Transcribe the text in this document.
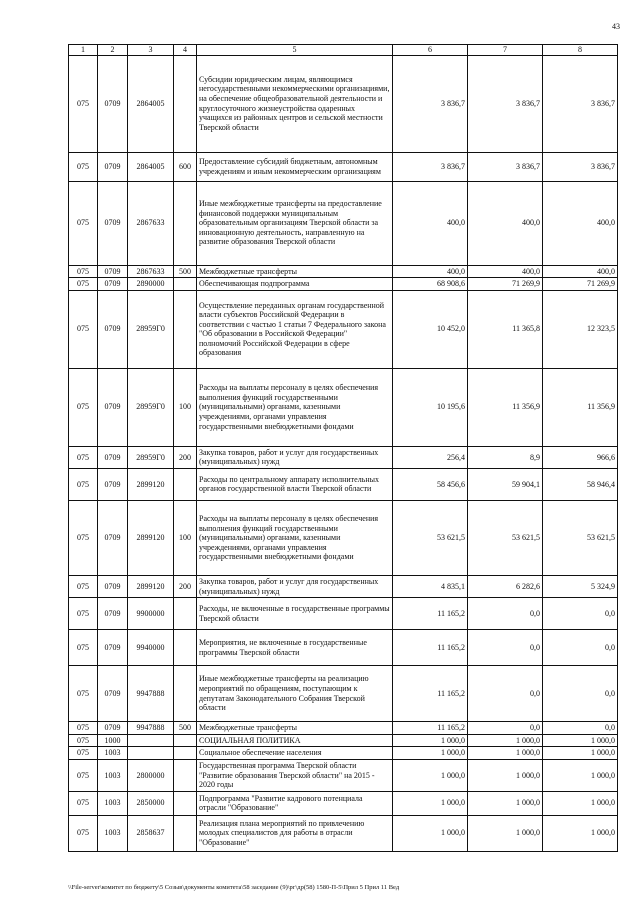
43
1	2	3	4	5	6	7	8
075	0709	2864005		Субсидии юридическим лицам, являющимся негосударственными некоммерческими организациями, на обеспечение общеобразовательной деятельности и круглосуточного жизнеустройства одаренных учащихся из районных центров и сельской местности Тверской области	3 836,7	3 836,7	3 836,7
075	0709	2864005	600	Предоставление субсидий бюджетным, автономным учреждениям и иным некоммерческим организациям	3 836,7	3 836,7	3 836,7
075	0709	2867633		Иные межбюджетные трансферты на предоставление финансовой поддержки муниципальным образовательным организациям Тверской области за инновационную деятельность, направленную на развитие образования Тверской области	400,0	400,0	400,0
075	0709	2867633	500	Межбюджетные трансферты	400,0	400,0	400,0
075	0709	2890000		Обеспечивающая подпрограмма	68 908,6	71 269,9	71 269,9
075	0709	28959Г0		Осуществление переданных органам государственной власти субъектов Российской Федерации в соответствии с частью 1 статьи 7 Федерального закона "Об образовании в Российской Федерации" полномочий Российской Федерации в сфере образования	10 452,0	11 365,8	12 323,5
075	0709	28959Г0	100	Расходы на выплаты персоналу в целях обеспечения выполнения функций государственными (муниципальными) органами, казенными учреждениями, органами управления государственными внебюджетными фондами	10 195,6	11 356,9	11 356,9
075	0709	28959Г0	200	Закупка товаров, работ и услуг для государственных (муниципальных) нужд	256,4	8,9	966,6
075	0709	2899120		Расходы по центральному аппарату исполнительных органов государственной власти Тверской области	58 456,6	59 904,1	58 946,4
075	0709	2899120	100	Расходы на выплаты персоналу в целях обеспечения выполнения функций государственными (муниципальными) органами, казенными учреждениями, органами управления государственными внебюджетными фондами	53 621,5	53 621,5	53 621,5
075	0709	2899120	200	Закупка товаров, работ и услуг для государственных (муниципальных) нужд	4 835,1	6 282,6	5 324,9
075	0709	9900000		Расходы, не включенные в государственные программы Тверской области	11 165,2	0,0	0,0
075	0709	9940000		Мероприятия, не включенные в государственные программы Тверской области	11 165,2	0,0	0,0
075	0709	9947888		Иные межбюджетные трансферты на реализацию мероприятий по обращениям, поступающим к депутатам Законодательного Собрания Тверской области	11 165,2	0,0	0,0
075	0709	9947888	500	Межбюджетные трансферты	11 165,2	0,0	0,0
075	1000			СОЦИАЛЬНАЯ ПОЛИТИКА	1 000,0	1 000,0	1 000,0
075	1003			Социальное обеспечение населения	1 000,0	1 000,0	1 000,0
075	1003	2800000		Государственная программа Тверской области "Развитие образования Тверской области" на 2015 - 2020 годы	1 000,0	1 000,0	1 000,0
075	1003	2850000		Подпрограмма "Развитие кадрового потенциала отрасли "Образование"	1 000,0	1 000,0	1 000,0
075	1003	2858637		Реализация плана мероприятий по привлечению молодых специалистов для работы в отрасли "Образование"	1 000,0	1 000,0	1 000,0
\\File-server\комитет по бюджету\5 Созыв\документы комитета\58 заседание (9)\рг\др(58) 1580-П-5\Прил 5 Прил 11 Вед
